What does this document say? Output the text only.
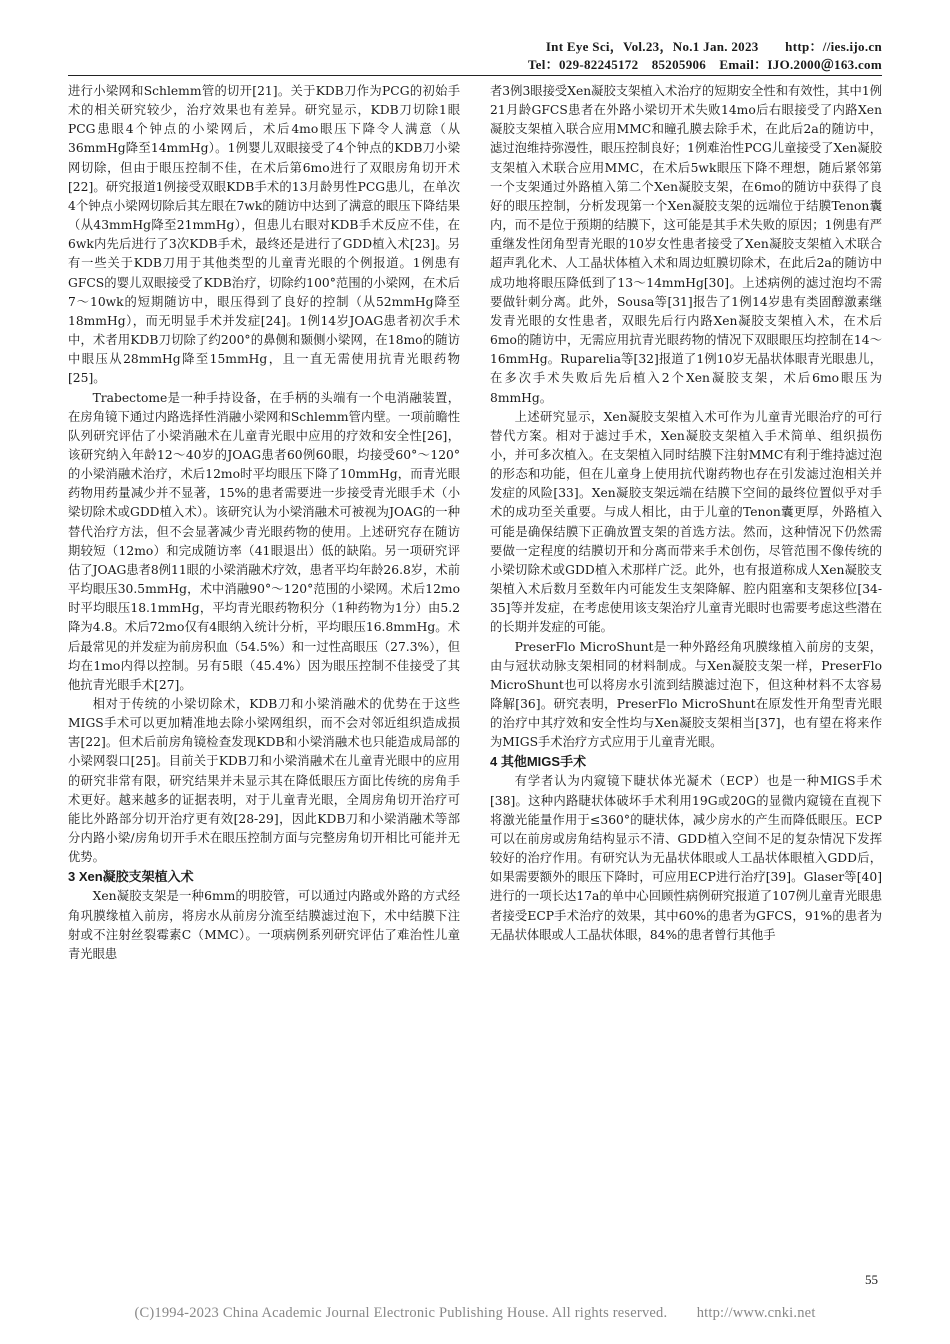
Int Eye Sci，Vol.23，No.1 Jan. 2023　　http：//ies.ijo.cn
Tel：029-82245172　85205906　Email：IJO.2000＠163.com

进行小梁网和Schlemm管的切开[21]。关于KDB刀作为PCG的初始手术的相关研究较少，治疗效果也有差异。研究显示，KDB刀切除1眼PCG患眼4个钟点的小梁网后，术后4mo眼压下降令人满意（从36mmHg降至14mmHg）。1例婴儿双眼接受了4个钟点的KDB刀小梁网切除，但由于眼压控制不佳，在术后第6mo进行了双眼房角切开术[22]。研究报道1例接受双眼KDB手术的13月龄男性PCG患儿，在单次4个钟点小梁网切除后其左眼在7wk的随访中达到了满意的眼压下降结果（从43mmHg降至21mmHg），但患儿右眼对KDB手术反应不佳，在6wk内先后进行了3次KDB手术，最终还是进行了GDD植入术[23]。另有一些关于KDB刀用于其他类型的儿童青光眼的个例报道。1例患有GFCS的婴儿双眼接受了KDB治疗，切除约100°范围的小梁网，在术后7～10wk的短期随访中，眼压得到了良好的控制（从52mmHg降至18mmHg），而无明显手术并发症[24]。1例14岁JOAG患者初次手术中，术者用KDB刀切除了约200°的鼻侧和颞侧小梁网，在18mo的随访中眼压从28mmHg降至15mmHg，且一直无需使用抗青光眼药物[25]。

Trabectome是一种手持设备，在手柄的头端有一个电消融装置，在房角镜下通过内路选择性消融小梁网和Schlemm管内壁。一项前瞻性队列研究评估了小梁消融术在儿童青光眼中应用的疗效和安全性[26]，该研究纳入年龄12～40岁的JOAG患者60例60眼，均接受60°～120°的小梁消融术治疗，术后12mo时平均眼压下降了10mmHg，而青光眼药物用药量减少并不显著，15%的患者需要进一步接受青光眼手术（小梁切除术或GDD植入术）。该研究认为小梁消融术可被视为JOAG的一种替代治疗方法，但不会显著减少青光眼药物的使用。上述研究存在随访期较短（12mo）和完成随访率（41眼退出）低的缺陷。另一项研究评估了JOAG患者8例11眼的小梁消融术疗效，患者平均年龄26.8岁，术前平均眼压30.5mmHg，术中消融90°～120°范围的小梁网。术后12mo时平均眼压18.1mmHg，平均青光眼药物积分（1种药物为1分）由5.2降为4.8。术后72mo仅有4眼纳入统计分析，平均眼压16.8mmHg。术后最常见的并发症为前房积血（54.5%）和一过性高眼压（27.3%），但均在1mo内得以控制。另有5眼（45.4%）因为眼压控制不佳接受了其他抗青光眼手术[27]。

相对于传统的小梁切除术，KDB刀和小梁消融术的优势在于这些MIGS手术可以更加精准地去除小梁网组织，而不会对邻近组织造成损害[22]。但术后前房角镜检查发现KDB和小梁消融术也只能造成局部的小梁网裂口[25]。目前关于KDB刀和小梁消融术在儿童青光眼中的应用的研究非常有限，研究结果并未显示其在降低眼压方面比传统的房角手术更好。越来越多的证据表明，对于儿童青光眼，全周房角切开治疗可能比外路部分切开治疗更有效[28-29]，因此KDB刀和小梁消融术等部分内路小梁/房角切开手术在眼压控制方面与完整房角切开相比可能并无优势。

3 Xen凝胶支架植入术

Xen凝胶支架是一种6mm的明胶管，可以通过内路或外路的方式经角巩膜缘植入前房，将房水从前房分流至结膜滤过泡下，术中结膜下注射或不注射丝裂霉素C（MMC）。一项病例系列研究评估了难治性儿童青光眼患

者3例3眼接受Xen凝胶支架植入术治疗的短期安全性和有效性，其中1例21月龄GFCS患者在外路小梁切开术失败14mo后右眼接受了内路Xen凝胶支架植入联合应用MMC和瞳孔膜去除手术，在此后2a的随访中，滤过泡维持弥漫性，眼压控制良好；1例难治性PCG儿童接受了Xen凝胶支架植入术联合应用MMC，在术后5wk眼压下降不理想，随后紧邻第一个支架通过外路植入第二个Xen凝胶支架，在6mo的随访中获得了良好的眼压控制，分析发现第一个Xen凝胶支架的远端位于结膜Tenon囊内，而不是位于预期的结膜下，这可能是其手术失败的原因；1例患有严重继发性闭角型青光眼的10岁女性患者接受了Xen凝胶支架植入术联合超声乳化术、人工晶状体植入术和周边虹膜切除术，在此后2a的随访中成功地将眼压降低到了13～14mmHg[30]。上述病例的滤过泡均不需要做针刺分离。此外，Sousa等[31]报告了1例14岁患有类固醇激素继发青光眼的女性患者，双眼先后行内路Xen凝胶支架植入术，在术后6mo的随访中，无需应用抗青光眼药物的情况下双眼眼压均控制在14～16mmHg。Ruparelia等[32]报道了1例10岁无晶状体眼青光眼患儿，在多次手术失败后先后植入2个Xen凝胶支架，术后6mo眼压为8mmHg。

上述研究显示，Xen凝胶支架植入术可作为儿童青光眼治疗的可行替代方案。相对于滤过手术，Xen凝胶支架植入手术简单、组织损伤小，并可多次植入。在支架植入同时结膜下注射MMC有利于维持滤过泡的形态和功能，但在儿童身上使用抗代谢药物也存在引发滤过泡相关并发症的风险[33]。Xen凝胶支架远端在结膜下空间的最终位置似乎对手术的成功至关重要。与成人相比，由于儿童的Tenon囊更厚，外路植入可能是确保结膜下正确放置支架的首选方法。然而，这种情况下仍然需要做一定程度的结膜切开和分离而带来手术创伤，尽管范围不像传统的小梁切除术或GDD植入术那样广泛。此外，也有报道称成人Xen凝胶支架植入术后数月至数年内可能发生支架降解、腔内阻塞和支架移位[34-35]等并发症，在考虑使用该支架治疗儿童青光眼时也需要考虑这些潜在的长期并发症的可能。

PreserFlo MicroShunt是一种外路经角巩膜缘植入前房的支架，由与冠状动脉支架相同的材料制成。与Xen凝胶支架一样，PreserFlo MicroShunt也可以将房水引流到结膜滤过泡下，但这种材料不太容易降解[36]。研究表明，PreserFlo MicroShunt在原发性开角型青光眼的治疗中其疗效和安全性均与Xen凝胶支架相当[37]，也有望在将来作为MIGS手术治疗方式应用于儿童青光眼。

4 其他MIGS手术

有学者认为内窥镜下睫状体光凝术（ECP）也是一种MIGS手术[38]。这种内路睫状体破坏手术利用19G或20G的显微内窥镜在直视下将激光能量作用于≤360°的睫状体，减少房水的产生而降低眼压。ECP可以在前房或房角结构显示不清、GDD植入空间不足的复杂情况下发挥较好的治疗作用。有研究认为无晶状体眼或人工晶状体眼植入GDD后，如果需要额外的眼压下降时，可应用ECP进行治疗[39]。Glaser等[40]进行的一项长达17a的单中心回顾性病例研究报道了107例儿童青光眼患者接受ECP手术治疗的效果，其中60%的患者为GFCS，91%的患者为无晶状体眼或人工晶状体眼，84%的患者曾行其他手

55
(C)1994-2023 China Academic Journal Electronic Publishing House. All rights reserved.　　http://www.cnki.net
